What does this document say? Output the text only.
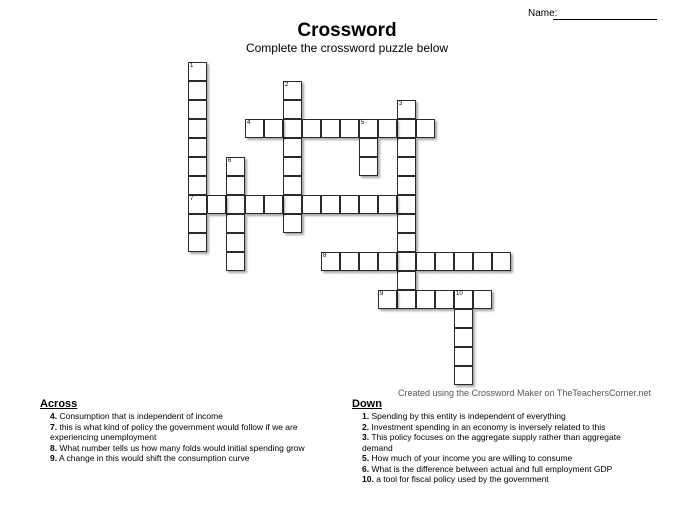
Name:
Crossword
Complete the crossword puzzle below
1
7
2
3
4	5
6
8
9	10
Created using the Crossword Maker on TheTeachersCorner.net
Across
4. Consumption that is independent of income
7. this is what kind of policy the government would follow if we are experiencing unemployment
8. What number tells us how many folds would initial spending grow
9. A change in this would shift the consumption curve
Down
1. Spending by this entity is independent of everything
2. Investment spending in an economy is inversely related to this
3. This policy focuses on the aggregate supply rather than aggregate demand
5. How much of your income you are willing to consume
6. What is the difference between actual and full employment GDP
10. a tool for fiscal policy used by the government
